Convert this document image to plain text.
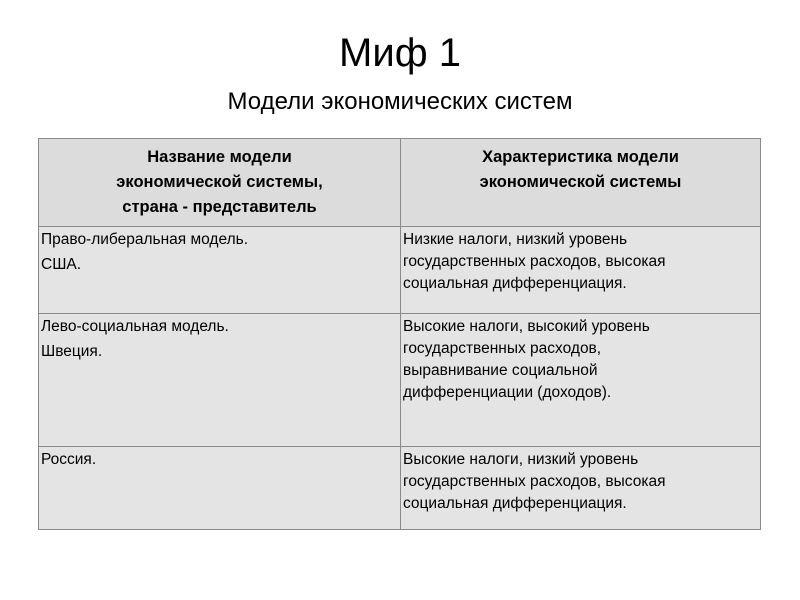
Миф 1
Модели экономических систем
Название модели
экономической системы,
страна - представитель	Характеристика модели
экономической системы

Право-либеральная модель.
США.	Низкие налоги, низкий уровень
государственных расходов, высокая
социальная дифференциация.

Лево-социальная модель.
Швеция.	Высокие налоги, высокий уровень
государственных расходов,
выравнивание социальной
дифференциации (доходов).

Россия.	Высокие налоги, низкий уровень
государственных расходов, высокая
социальная дифференциация.
